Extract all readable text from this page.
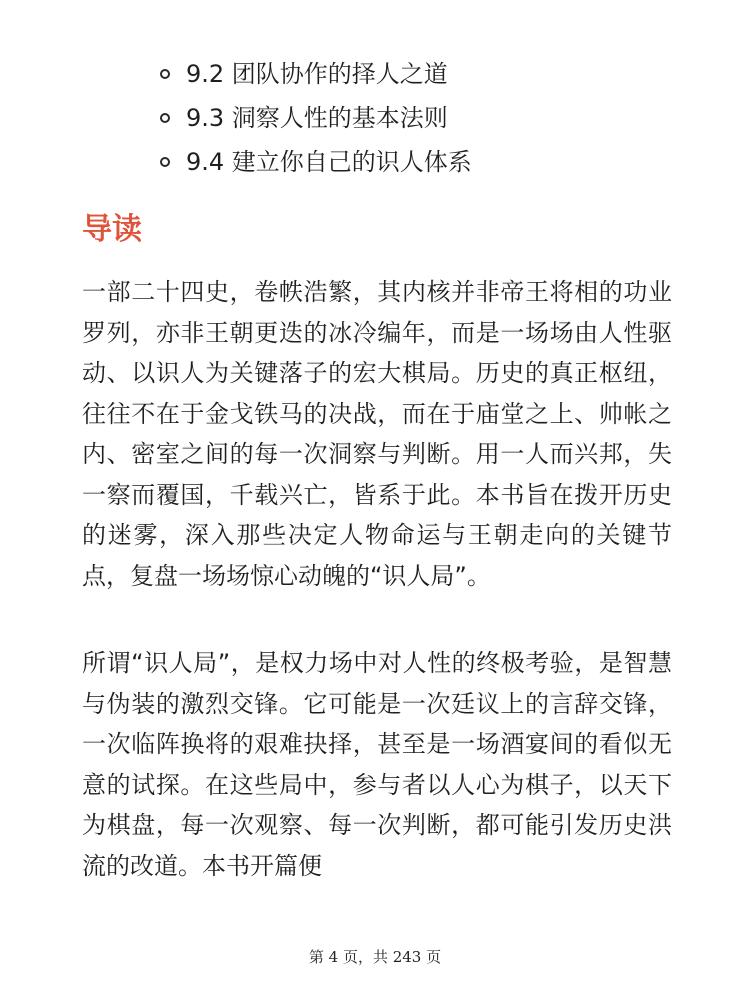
9.2 团队协作的择人之道
9.3 洞察人性的基本法则
9.4 建立你自己的识人体系
导读

一部二十四史，卷帙浩繁，其内核并非帝王将相的功业罗列，亦非王朝更迭的冰冷编年，而是一场场由人性驱动、以识人为关键落子的宏大棋局。历史的真正枢纽，往往不在于金戈铁马的决战，而在于庙堂之上、帅帐之内、密室之间的每一次洞察与判断。用一人而兴邦，失一察而覆国，千载兴亡，皆系于此。本书旨在拨开历史的迷雾，深入那些决定人物命运与王朝走向的关键节点，复盘一场场惊心动魄的“识人局”。

所谓“识人局”，是权力场中对人性的终极考验，是智慧与伪装的激烈交锋。它可能是一次廷议上的言辞交锋，一次临阵换将的艰难抉择，甚至是一场酒宴间的看似无意的试探。在这些局中，参与者以人心为棋子，以天下为棋盘，每一次观察、每一次判断，都可能引发历史洪流的改道。本书开篇便

第 4 页，共 243 页
